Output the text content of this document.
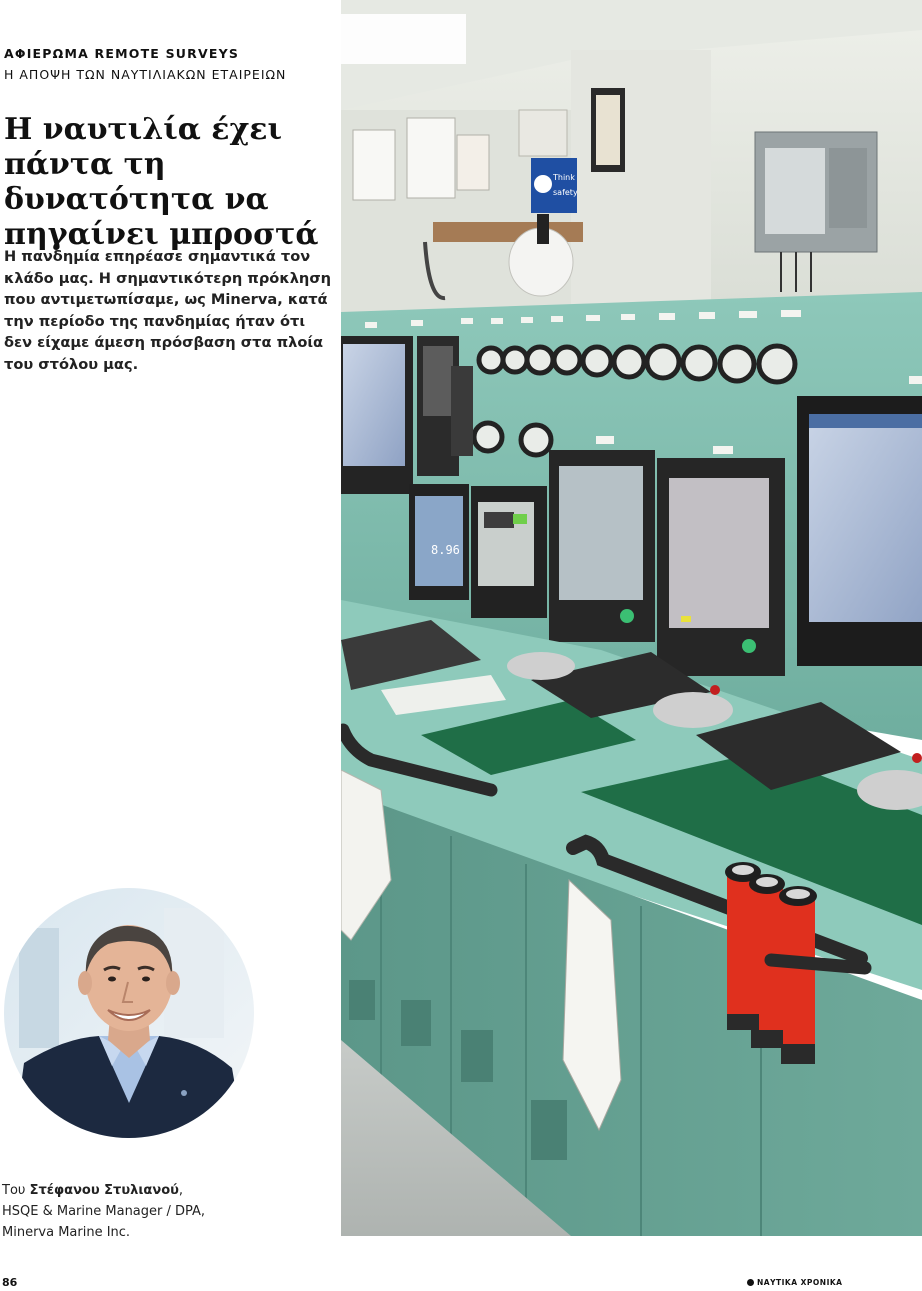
ΑΦΙΕΡΩΜΑ REMOTE SURVEYS
Η ΑΠΟΨΗ ΤΩΝ ΝΑΥΤΙΛΙΑΚΩΝ ΕΤΑΙΡΕΙΩΝ
Η ναυτιλία έχει πάντα τη δυνατότητα να πηγαίνει μπροστά

Η πανδημία επηρέασε σημαντικά τον κλάδο μας. Η σημαντικότερη πρόκληση που αντιμετωπίσαμε, ως Minerva, κατά την περίοδο της πανδημίας ήταν ότι δεν είχαμε άμεση πρόσβαση στα πλοία του στόλου μας.

Του Στέφανου Στυλιανού,
HSQE & Marine Manager / DPA,
Minerva Marine Inc.
Think
safety
8.96
86	ΝΑΥΤΙΚΑ ΧΡΟΝΙΚΑ
